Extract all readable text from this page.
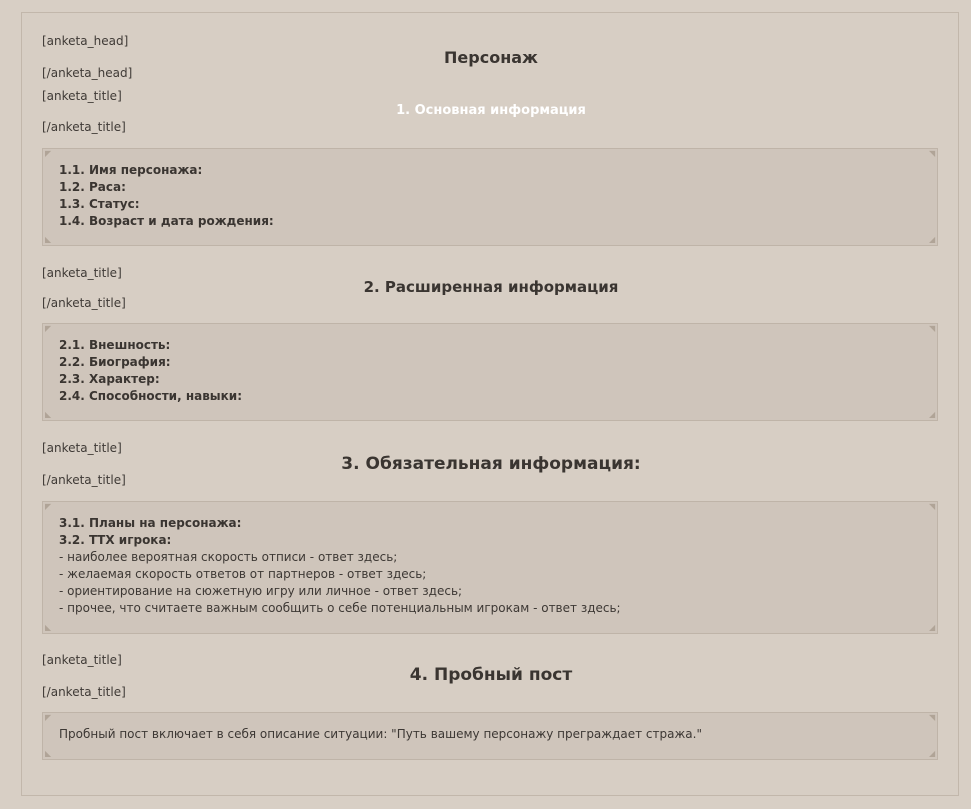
[anketa_head]
Персонаж
[/anketa_head]
[anketa_title]
1. Основная информация
[/anketa_title]
◤	◥
◣	◢
1.1. Имя персонажа:
1.2. Раса:
1.3. Статус:
1.4. Возраст и дата рождения:
[anketa_title]
2. Расширенная информация
[/anketa_title]
◤	◥
◣	◢
2.1. Внешность:
2.2. Биография:
2.3. Характер:
2.4. Способности, навыки:
[anketa_title]
3. Обязательная информация:
[/anketa_title]
◤	◥
◣	◢
3.1. Планы на персонажа:
3.2. ТТХ игрока:
- наиболее вероятная скорость отписи - ответ здесь;
- желаемая скорость ответов от партнеров - ответ здесь;
- ориентирование на сюжетную игру или личное - ответ здесь;
- прочее, что считаете важным сообщить о себе потенциальным игрокам - ответ здесь;
[anketa_title]
4. Пробный пост
[/anketa_title]
◤	◥
◣	◢
Пробный пост включает в себя описание ситуации: "Путь вашему персонажу преграждает стража."
